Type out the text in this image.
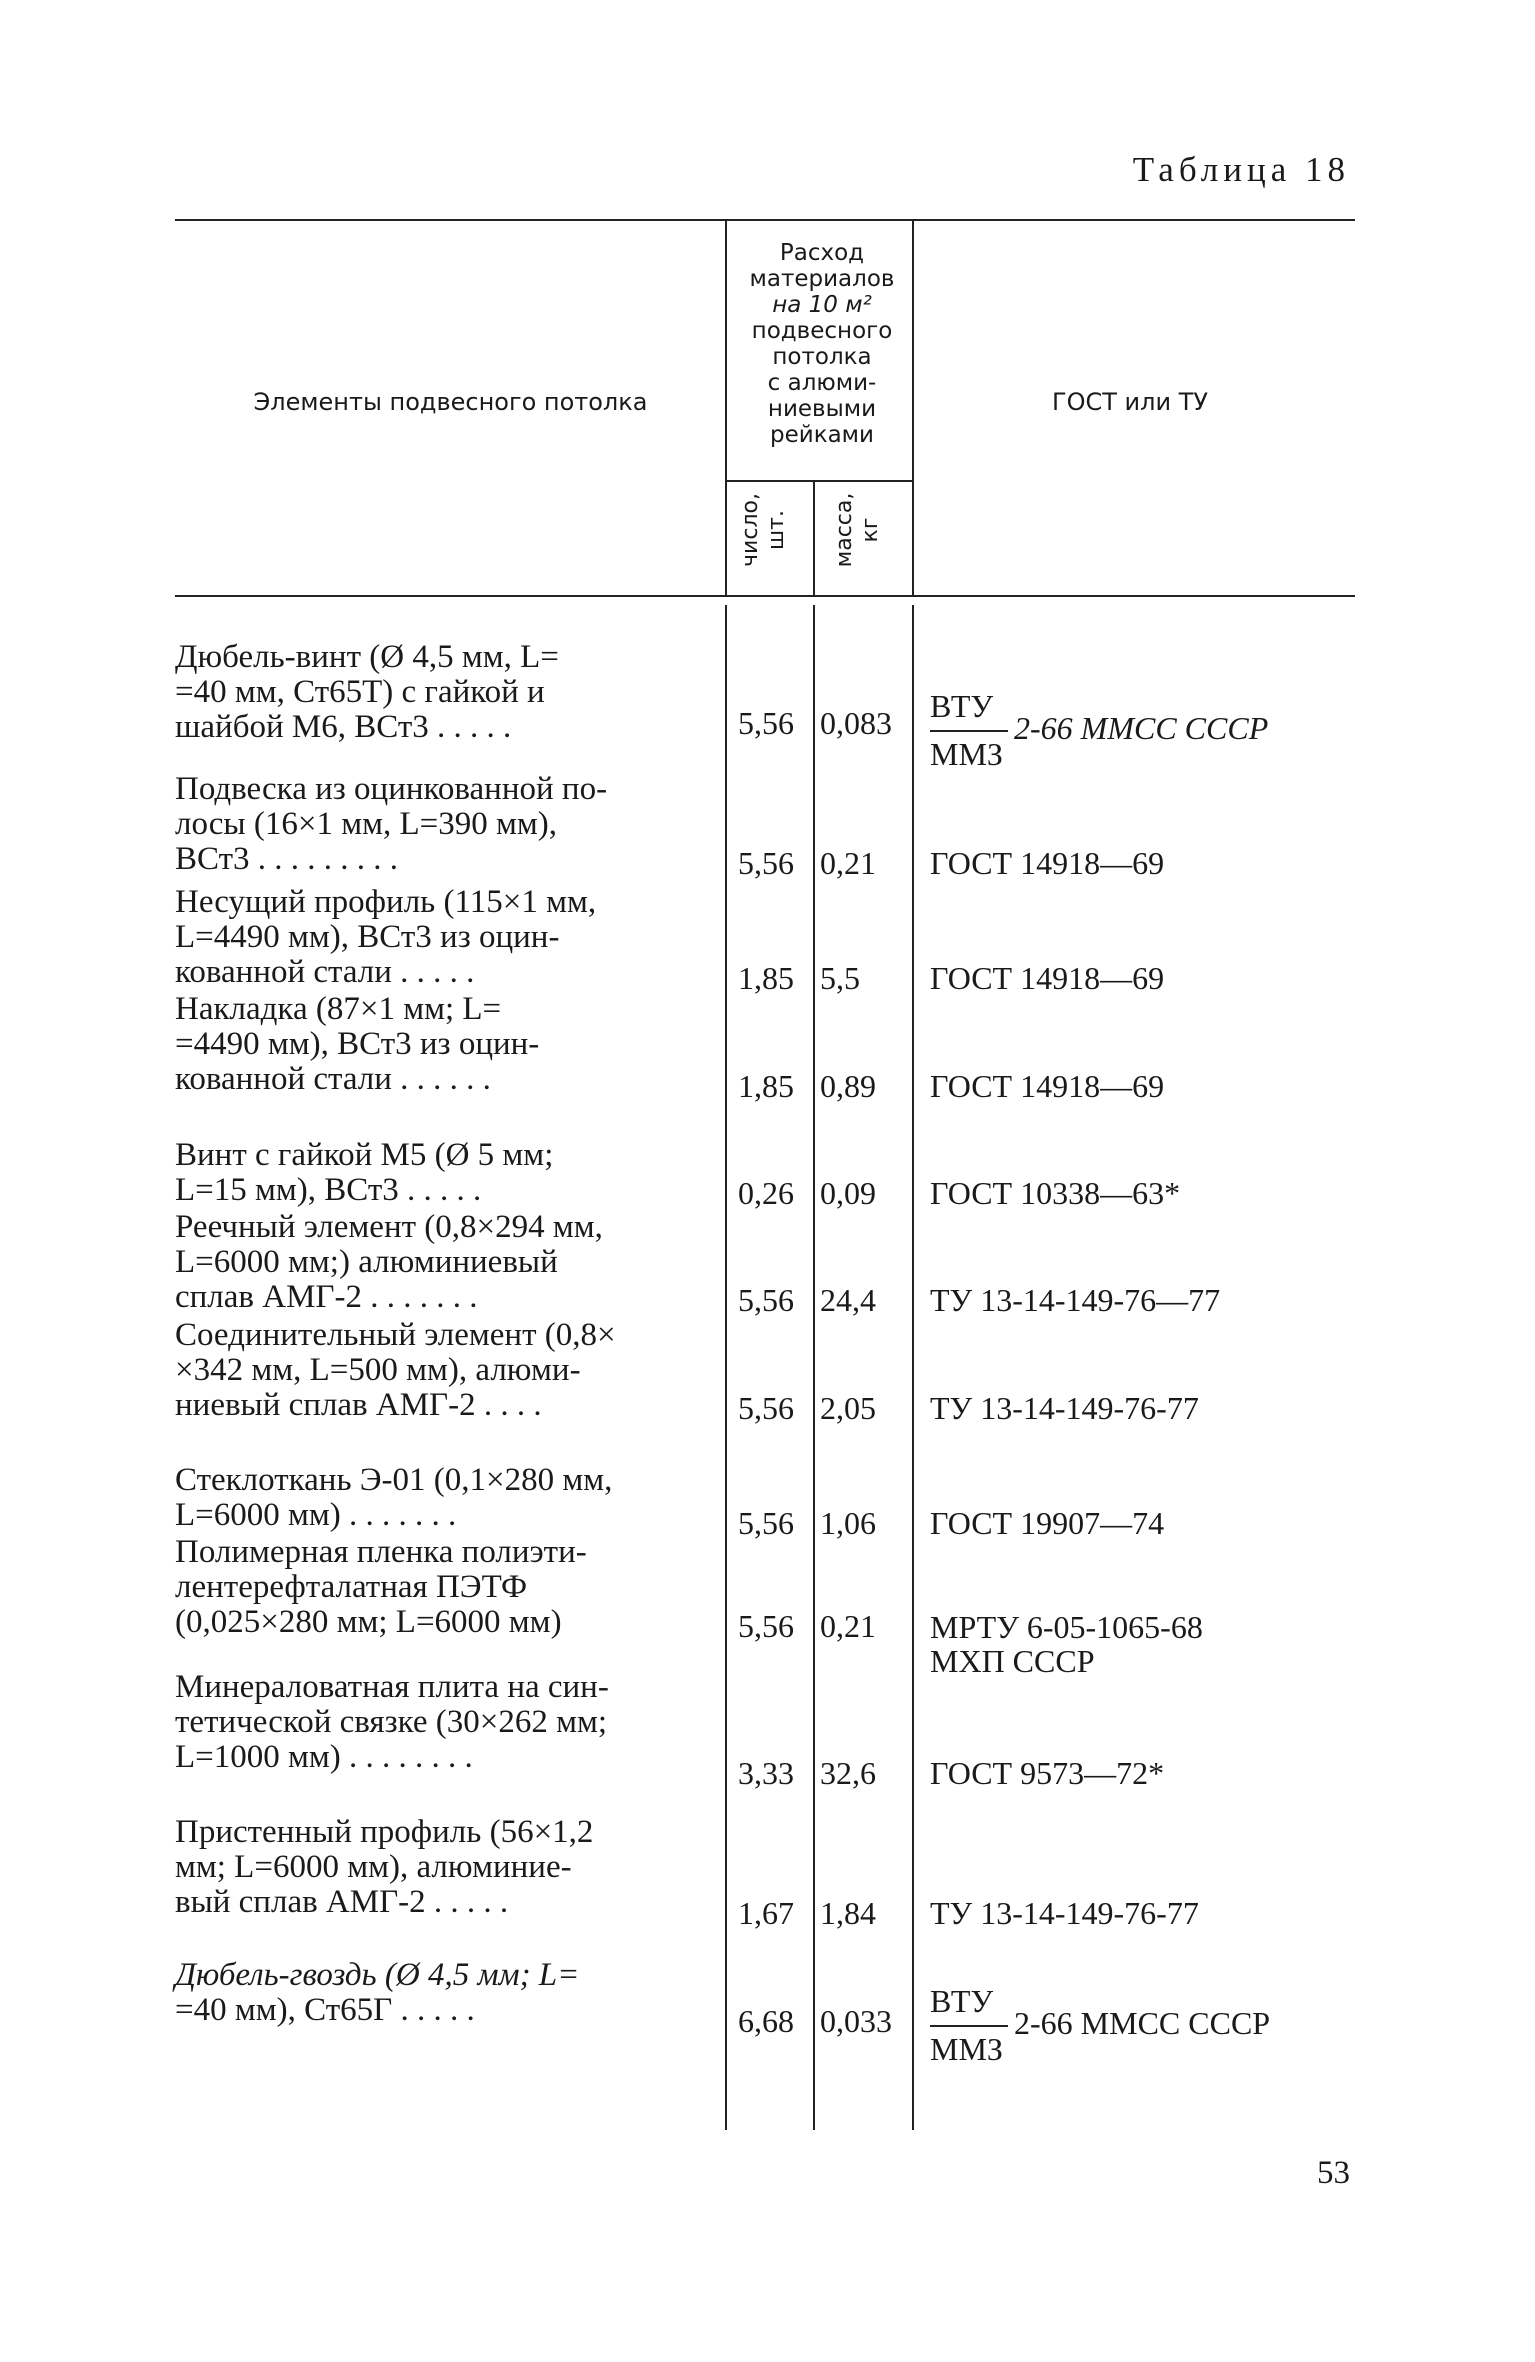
Таблица 18
Элементы подвесного потолка
Расход
материалов
на 10 м²
подвесного
потолка
с алюми-
ниевыми
рейками
число, шт. масса, кг
ГОСТ или ТУ
Дюбель-винт (Ø 4,5 мм, L=
=40 мм, Ст65Т) с гайкой и
шайбой М6, ВСт3 . . . . .	5,56 0,083 ВТУ
ММЗ
2-66 ММСС СССР
Подвеска из оцинкованной по-
лосы (16×1 мм, L=390 мм),
ВСт3 . . . . . . . . .	5,56 0,21 ГОСТ 14918—69
Несущий профиль (115×1 мм,
L=4490 мм), ВСт3 из оцин-
кованной стали . . . . .	1,85 5,5 ГОСТ 14918—69
Накладка (87×1 мм; L=
=4490 мм), ВСт3 из оцин-
кованной стали . . . . . .	1,85 0,89 ГОСТ 14918—69
Винт с гайкой М5 (Ø 5 мм;
L=15 мм), ВСт3 . . . . .	0,26 0,09 ГОСТ 10338—63*
Реечный элемент (0,8×294 мм,
L=6000 мм;) алюминиевый
сплав АМГ-2 . . . . . . .	5,56 24,4 ТУ 13-14-149-76—77
Соединительный элемент (0,8×
×342 мм, L=500 мм), алюми-
ниевый сплав АМГ-2 . . . .	5,56 2,05 ТУ 13-14-149-76-77
Стеклоткань Э-01 (0,1×280 мм,
L=6000 мм) . . . . . . .	5,56 1,06 ГОСТ 19907—74
Полимерная пленка полиэти-
лентерефталатная ПЭТФ
(0,025×280 мм; L=6000 мм)	5,56 0,21 МРТУ 6-05-1065-68
МХП СССР
Минераловатная плита на син-
тетической связке (30×262 мм;
L=1000 мм) . . . . . . . .	3,33 32,6 ГОСТ 9573—72*
Пристенный профиль (56×1,2
мм; L=6000 мм), алюминие-
вый сплав АМГ-2 . . . . .	1,67 1,84 ТУ 13-14-149-76-77
Дюбель-гвоздь (Ø 4,5 мм; L=
=40 мм), Ст65Г . . . . .	6,68 0,033
ВТУ
ММЗ
2-66 ММСС СССР
53
